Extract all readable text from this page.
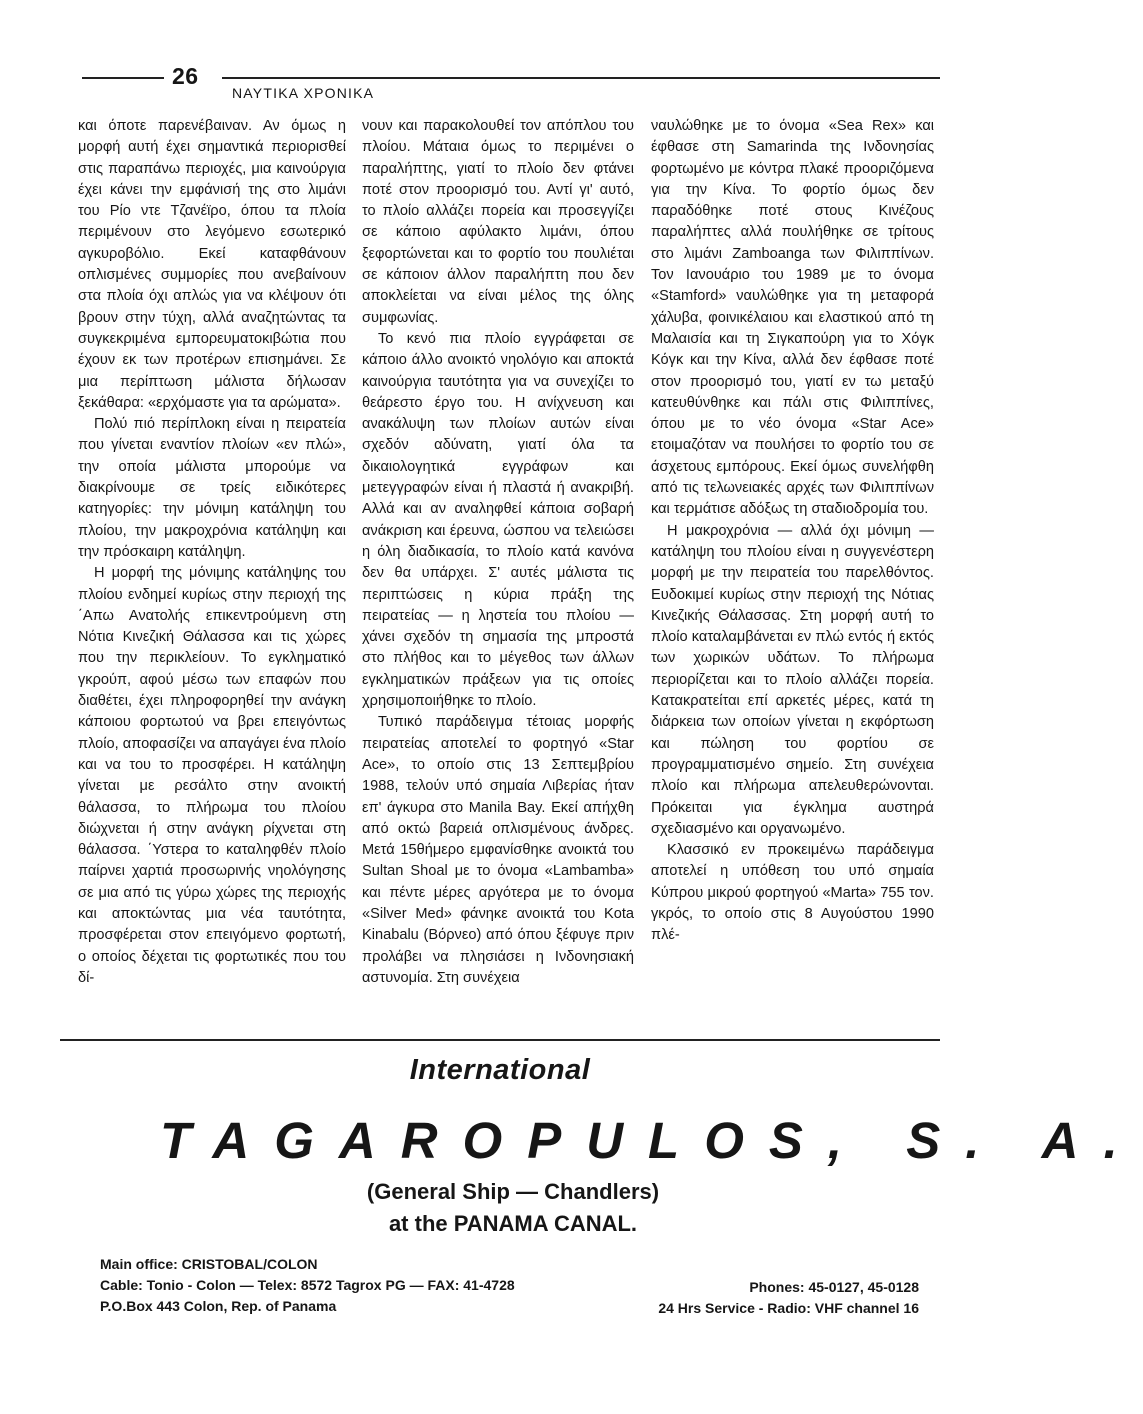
26
ΝΑΥΤΙΚΑ ΧΡΟΝΙΚΑ

και όποτε παρενέβαιναν. Αν όμως η μορφή αυτή έχει σημαντικά περιορισθεί στις παραπάνω περιοχές, μια καινούργια έχει κάνει την εμφάνισή της στο λιμάνι του Ρίο ντε Τζανέϊρο, όπου τα πλοία περιμένουν στο λεγόμενο εσωτερικό αγκυροβόλιο. Εκεί καταφθάνουν οπλισμένες συμμορίες που ανεβαίνουν στα πλοία όχι απλώς για να κλέψουν ότι βρουν στην τύχη, αλλά αναζητώντας τα συγκεκριμένα εμπορευματοκιβώτια που έχουν εκ των προτέρων επισημάνει. Σε μια περίπτωση μάλιστα δήλωσαν ξεκάθαρα: «ερχόμαστε για τα αρώματα».

Πολύ πιό περίπλοκη είναι η πειρατεία που γίνεται εναντίον πλοίων «εν πλώ», την οποία μάλιστα μπορούμε να διακρίνουμε σε τρείς ειδικότερες κατηγορίες: την μόνιμη κατάληψη του πλοίου, την μακροχρόνια κατάληψη και την πρόσκαιρη κατάληψη.

Η μορφή της μόνιμης κατάληψης του πλοίου ενδημεί κυρίως στην περιοχή της ΄Απω Ανατολής επικεντρούμενη στη Νότια Κινεζική Θάλασσα και τις χώρες που την περικλείουν. Το εγκληματικό γκρούπ, αφού μέσω των επαφών που διαθέτει, έχει πληροφορηθεί την ανάγκη κάποιου φορτωτού να βρει επειγόντως πλοίο, αποφασίζει να απαγάγει ένα πλοίο και να του το προσφέρει. Η κατάληψη γίνεται με ρεσάλτο στην ανοικτή θάλασσα, το πλήρωμα του πλοίου διώχνεται ή στην ανάγκη ρίχνεται στη θάλασσα. ΄Υστερα το καταληφθέν πλοίο παίρνει χαρτιά προσωρινής νηολόγησης σε μια από τις γύρω χώρες της περιοχής και αποκτώντας μια νέα ταυτότητα, προσφέρεται στον επειγόμενο φορτωτή, ο οποίος δέχεται τις φορτωτικές που του δί-

νουν και παρακολουθεί τον απόπλου του πλοίου. Μάταια όμως το περιμένει ο παραλήπτης, γιατί το πλοίο δεν φτάνει ποτέ στον προορισμό του. Αντί γι' αυτό, το πλοίο αλλάζει πορεία και προσεγγίζει σε κάποιο αφύλακτο λιμάνι, όπου ξεφορτώνεται και το φορτίο του πουλιέται σε κάποιον άλλον παραλήπτη που δεν αποκλείεται να είναι μέλος της όλης συμφωνίας.

Το κενό πια πλοίο εγγράφεται σε κάποιο άλλο ανοικτό νηολόγιο και αποκτά καινούργια ταυτότητα για να συνεχίζει το θεάρεστο έργο του. Η ανίχνευση και ανακάλυψη των πλοίων αυτών είναι σχεδόν αδύνατη, γιατί όλα τα δικαιολογητικά εγγράφων και μετεγγραφών είναι ή πλαστά ή ανακριβή. Αλλά και αν αναληφθεί κάποια σοβαρή ανάκριση και έρευνα, ώσπου να τελειώσει η όλη διαδικασία, το πλοίο κατά κανόνα δεν θα υπάρχει. Σ' αυτές μάλιστα τις περιπτώσεις η κύρια πράξη της πειρατείας — η ληστεία του πλοίου — χάνει σχεδόν τη σημασία της μπροστά στο πλήθος και το μέγεθος των άλλων εγκληματικών πράξεων για τις οποίες χρησιμοποιήθηκε το πλοίο.

Τυπικό παράδειγμα τέτοιας μορφής πειρατείας αποτελεί το φορτηγό «Star Ace», το οποίο στις 13 Σεπτεμβρίου 1988, τελούν υπό σημαία Λιβερίας ήταν επ' άγκυρα στο Manila Bay. Εκεί απήχθη από οκτώ βαρειά οπλισμένους άνδρες. Μετά 15θήμερο εμφανίσθηκε ανοικτά του Sultan Shoal με το όνομα «Lambamba» και πέντε μέρες αργότερα με το όνομα «Silver Med» φάνηκε ανοικτά του Kota Kinabalu (Βόρνεο) από όπου ξέφυγε πριν προλάβει να πλησιάσει η Ινδονησιακή αστυνομία. Στη συνέχεια

ναυλώθηκε με το όνομα «Sea Rex» και έφθασε στη Samarinda της Ινδονησίας φορτωμένο με κόντρα πλακέ προοριζόμενα για την Κίνα. Το φορτίο όμως δεν παραδόθηκε ποτέ στους Κινέζους παραλήπτες αλλά πουλήθηκε σε τρίτους στο λιμάνι Zamboanga των Φιλιππίνων. Τον Ιανουάριο του 1989 με το όνομα «Stamford» ναυλώθηκε για τη μεταφορά χάλυβα, φοινικέλαιου και ελαστικού από τη Μαλαισία και τη Σιγκαπούρη για το Χόγκ Κόγκ και την Κίνα, αλλά δεν έφθασε ποτέ στον προορισμό του, γιατί εν τω μεταξύ κατευθύνθηκε και πάλι στις Φιλιππίνες, όπου με το νέο όνομα «Star Ace» ετοιμαζόταν να πουλήσει το φορτίο του σε άσχετους εμπόρους. Εκεί όμως συνελήφθη από τις τελωνειακές αρχές των Φιλιππίνων και τερμάτισε αδόξως τη σταδιοδρομία του.

Η μακροχρόνια — αλλά όχι μόνιμη — κατάληψη του πλοίου είναι η συγγενέστερη μορφή με την πειρατεία του παρελθόντος. Ευδοκιμεί κυρίως στην περιοχή της Νότιας Κινεζικής Θάλασσας. Στη μορφή αυτή το πλοίο καταλαμβάνεται εν πλώ εντός ή εκτός των χωρικών υδάτων. Το πλήρωμα περιορίζεται και το πλοίο αλλάζει πορεία. Κατακρατείται επί αρκετές μέρες, κατά τη διάρκεια των οποίων γίνεται η εκφόρτωση και πώληση του φορτίου σε προγραμματισμένο σημείο. Στη συνέχεια πλοίο και πλήρωμα απελευθερώνονται. Πρόκειται για έγκλημα αυστηρά σχεδιασμένο και οργανωμένο.

Κλασσικό εν προκειμένω παράδειγμα αποτελεί η υπόθεση του υπό σημαία Κύπρου μικρού φορτηγού «Marta» 755 τον. γκρός, το οποίο στις 8 Αυγούστου 1990 πλέ-

International
TAGAROPULOS, S. A.
(General Ship — Chandlers)
at the PANAMA CANAL.
Main office: CRISTOBAL/COLON
Cable: Tonio - Colon — Telex: 8572 Tagrox PG — FAX: 41-4728
P.O.Box 443 Colon, Rep. of Panama
Phones: 45-0127, 45-0128
24 Hrs Service - Radio: VHF channel 16
